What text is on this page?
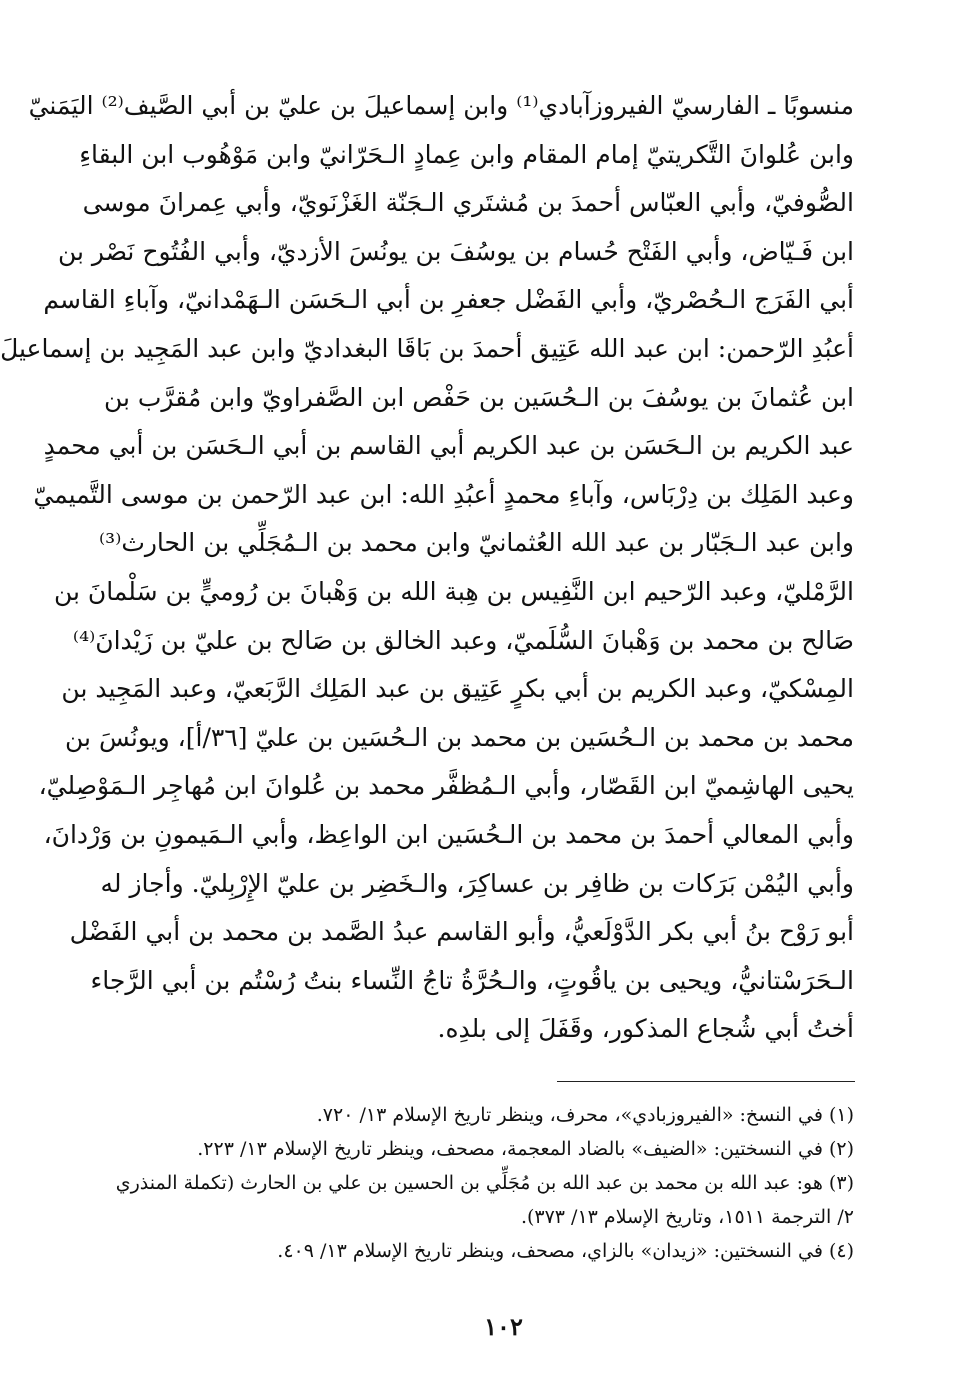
منسوبًا ـ الفارسيّ الفيروزآبادي⁽¹⁾ وابن إسماعيلَ بن عليّ بن أبي الصَّيف⁽²⁾ اليَمَنيّ
وابن عُلوانَ التَّكريتيّ إمام المقام وابن عِمادٍ الـحَرّانيّ وابن مَوْهُوب ابن البقاءِ
الصُّوفيّ، وأبي العبّاس أحمدَ بن مُشتَري الـجَنّة الغَزْنَويّ، وأبي عِمرانَ موسى
ابن فَـيّاض، وأبي الفَتْح حُسام بن يوسُفَ بن يونُسَ الأزديّ، وأبي الفُتُوح نَصْر بن
أبي الفَرَج الـحُصْريّ، وأبي الفَضْل جعفرِ بن أبي الـحَسَن الـهَمْدانيّ، وآباءِ القاسم
أعبُدِ الرّحمن: ابن عبد الله عَتِيق أحمدَ بن بَاقَا البغداديّ وابن عبد المَجِيد بن إسماعيلَ
ابن عُثمانَ بن يوسُفَ بن الـحُسَين بن حَفْص ابن الصَّفراويّ وابن مُقرَّب بن
عبد الكريم بن الـحَسَن بن عبد الكريم أبي القاسم بن أبي الـحَسَن بن أبي محمدٍ
وعبد المَلِك بن دِرْبَاس، وآباءِ محمدٍ أعبُدِ الله: ابن عبد الرّحمن بن موسى التَّميميّ
وابن عبد الـجَبّار بن عبد الله العُثمانيّ وابن محمد بن الـمُجَلِّي بن الحارث⁽³⁾
الرَّمْليّ، وعبد الرّحيم ابن النَّفِيس بن هِبة الله بن وَهْبانَ بن رُوميٍّ بن سَلْمانَ بن
صَالح بن محمد بن وَهْبانَ السُّلَميّ، وعبد الخالق بن صَالح بن عليّ بن زَيْدانَ⁽⁴⁾
المِسْكيّ، وعبد الكريم بن أبي بكرٍ عَتِيق بن عبد المَلِك الرَّبَعيّ، وعبد المَجِيد بن
محمد بن محمد بن الـحُسَين بن محمد بن الـحُسَين بن عليّ [٣٦/أ]، ويونُسَ بن
يحيى الهاشِميّ ابن القَصّار، وأبي الـمُظفَّر محمد بن عُلوانَ ابن مُهاجِر الـمَوْصِليّ،
وأبي المعالي أحمدَ بن محمد بن الـحُسَين ابن الواعِظ، وأبي الـمَيمونِ بن وَرْدانَ،
وأبي اليُمْن بَرَكات بن ظافِر بن عساكِرَ، والـخَضِر بن عليّ الإِرْبِليّ. وأجاز له
أبو رَوْح بنُ أبي بكر الدَّوْلَعيُّ، وأبو القاسم عبدُ الصَّمد بن محمد بن أبي الفَضْل
الـحَرَسْتانيُّ، ويحيى بن ياقُوتٍ، والـحُرَّةُ تاجُ النِّساء بنتُ رُسْتُم بن أبي الرَّجاء
أختُ أبي شُجاع المذكور، وقَفَلَ إلى بلدِه.
(١) في النسخ: «الفيروزبادي»، محرف، وينظر تاريخ الإسلام ١٣/ ٧٢٠.
(٢) في النسختين: «الضيف» بالضاد المعجمة، مصحف، وينظر تاريخ الإسلام ١٣/ ٢٢٣.
(٣) هو: عبد الله بن محمد بن عبد الله بن مُجَلِّي بن الحسين بن علي بن الحارث (تكملة المنذري
٢/ الترجمة ١٥١١، وتاريخ الإسلام ١٣/ ٣٧٣).
(٤) في النسختين: «زيدان» بالزاي، مصحف، وينظر تاريخ الإسلام ١٣/ ٤٠٩.
١٠٢
